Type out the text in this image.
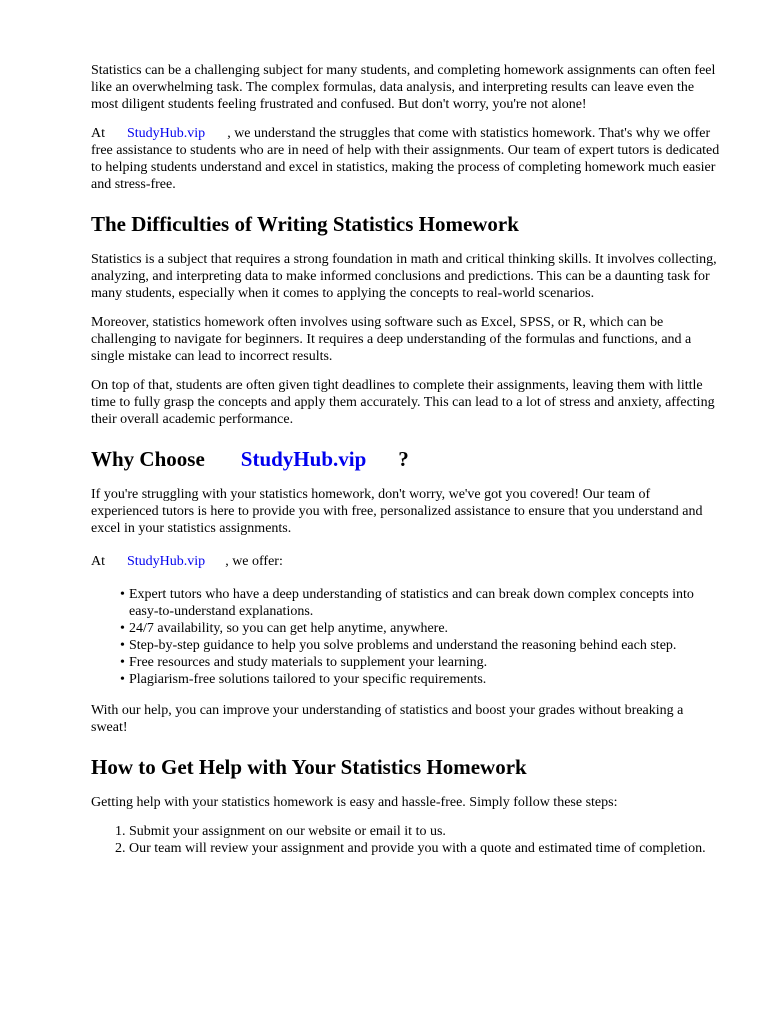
Statistics can be a challenging subject for many students, and completing homework assignments can often feel like an overwhelming task. The complex formulas, data analysis, and interpreting results can leave even the most diligent students feeling frustrated and confused. But don't worry, you're not alone!

At StudyHub.vip , we understand the struggles that come with statistics homework. That's why we offer free assistance to students who are in need of help with their assignments. Our team of expert tutors is dedicated to helping students understand and excel in statistics, making the process of completing homework much easier and stress-free.

The Difficulties of Writing Statistics Homework

Statistics is a subject that requires a strong foundation in math and critical thinking skills. It involves collecting, analyzing, and interpreting data to make informed conclusions and predictions. This can be a daunting task for many students, especially when it comes to applying the concepts to real-world scenarios.

Moreover, statistics homework often involves using software such as Excel, SPSS, or R, which can be challenging to navigate for beginners. It requires a deep understanding of the formulas and functions, and a single mistake can lead to incorrect results.

On top of that, students are often given tight deadlines to complete their assignments, leaving them with little time to fully grasp the concepts and apply them accurately. This can lead to a lot of stress and anxiety, affecting their overall academic performance.

Why Choose StudyHub.vip ?

If you're struggling with your statistics homework, don't worry, we've got you covered! Our team of experienced tutors is here to provide you with free, personalized assistance to ensure that you understand and excel in your statistics assignments.

At StudyHub.vip , we offer:

• Expert tutors who have a deep understanding of statistics and can break down complex concepts into easy-to-understand explanations.
• 24/7 availability, so you can get help anytime, anywhere.
• Step-by-step guidance to help you solve problems and understand the reasoning behind each step.
• Free resources and study materials to supplement your learning.
• Plagiarism-free solutions tailored to your specific requirements.

With our help, you can improve your understanding of statistics and boost your grades without breaking a sweat!

How to Get Help with Your Statistics Homework

Getting help with your statistics homework is easy and hassle-free. Simply follow these steps:

1. Submit your assignment on our website or email it to us.
2. Our team will review your assignment and provide you with a quote and estimated time of completion.
